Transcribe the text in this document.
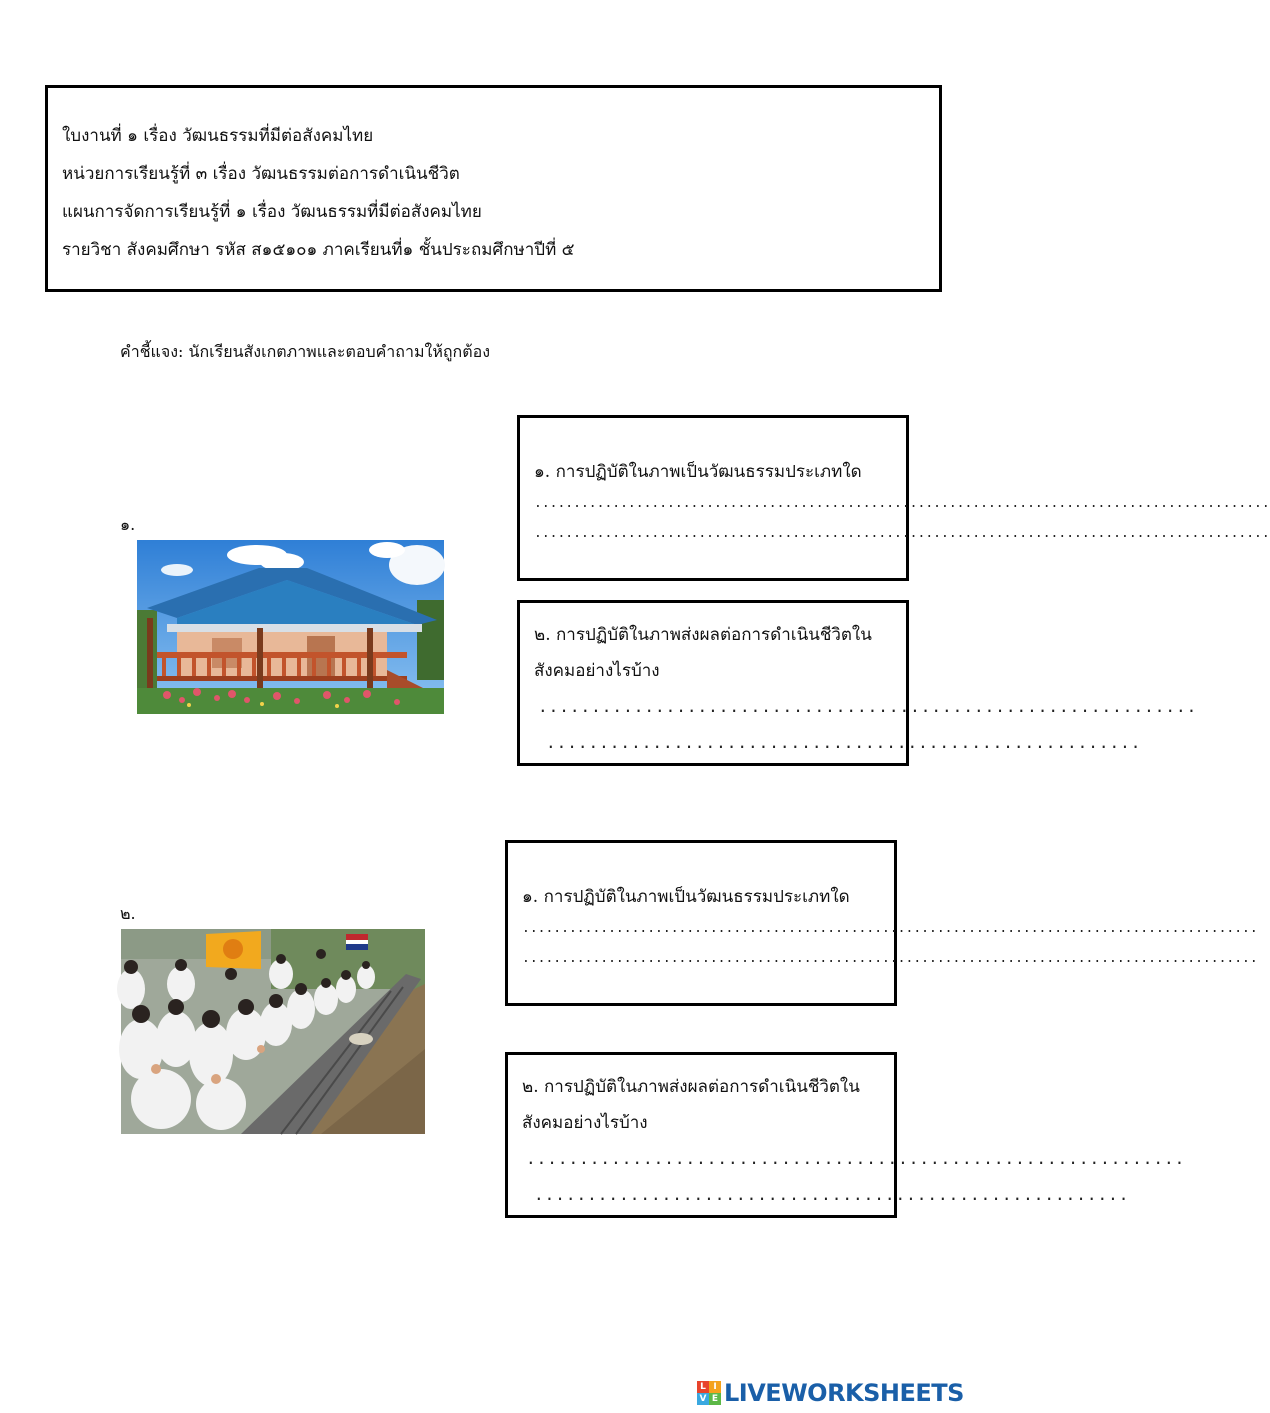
ใบงานที่ ๑ เรื่อง วัฒนธรรมที่มีต่อสังคมไทย
หน่วยการเรียนรู้ที่ ๓ เรื่อง วัฒนธรรมต่อการดำเนินชีวิต
แผนการจัดการเรียนรู้ที่ ๑ เรื่อง วัฒนธรรมที่มีต่อสังคมไทย
รายวิชา สังคมศึกษา รหัส ส๑๕๑๐๑ ภาคเรียนที่๑ ชั้นประถมศึกษาปีที่ ๕
คำชี้แจง: นักเรียนสังเกตภาพและตอบคำถามให้ถูกต้อง
๑.
๑. การปฏิบัติในภาพเป็นวัฒนธรรมประเภทใด
..............................................................................................
..............................................................................................
๒. การปฏิบัติในภาพส่งผลต่อการดำเนินชีวิตใน
สังคมอย่างไรบ้าง
..............................................................
........................................................
๒.
๑. การปฏิบัติในภาพเป็นวัฒนธรรมประเภทใด
..............................................................................................
..............................................................................................
๒. การปฏิบัติในภาพส่งผลต่อการดำเนินชีวิตใน
สังคมอย่างไรบ้าง
..............................................................
........................................................
L I
V E LIVEWORKSHEETS
